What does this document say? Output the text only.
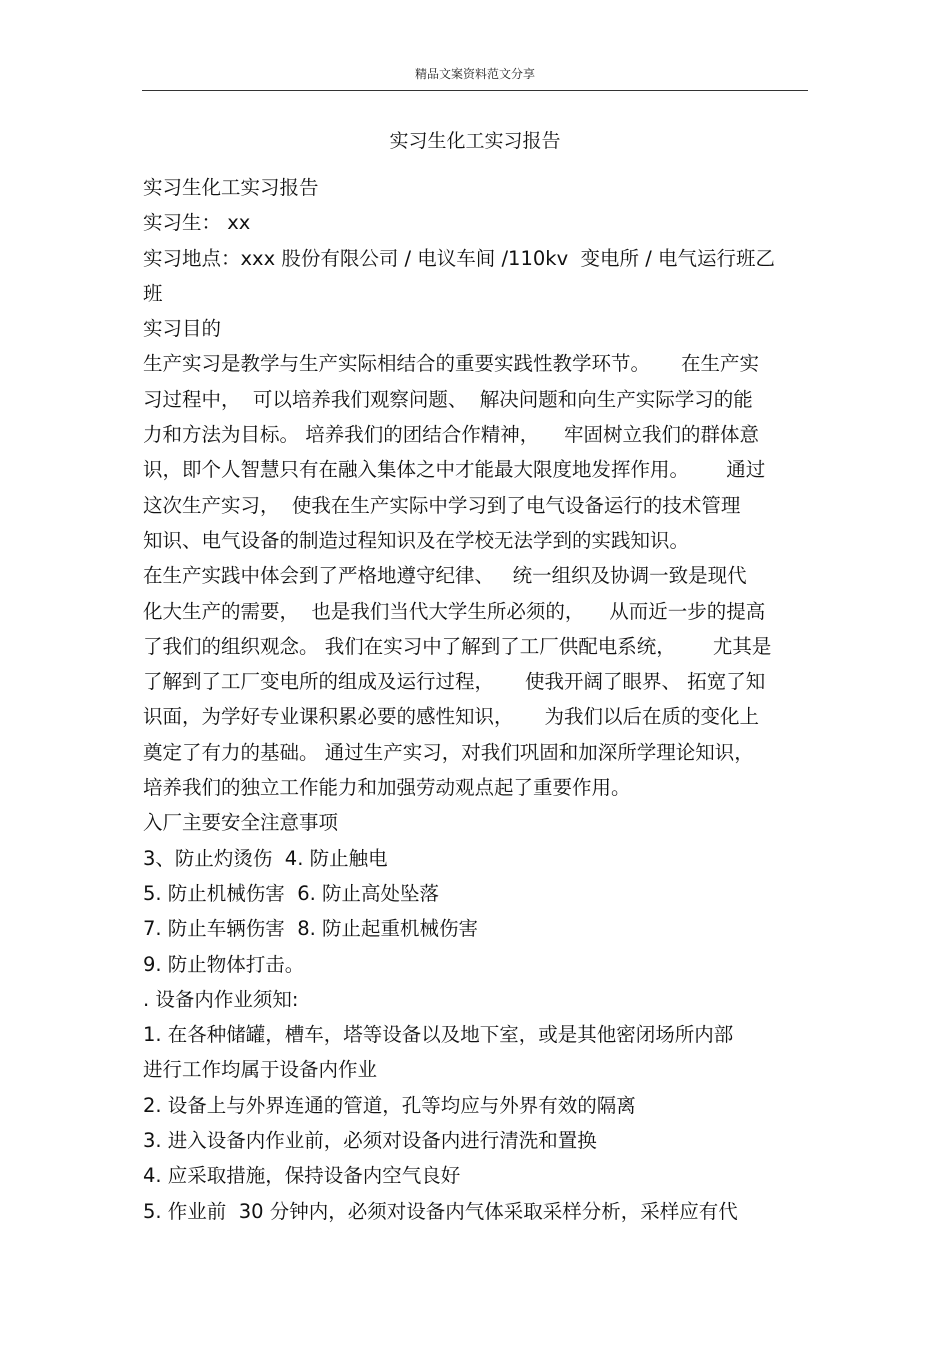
精品文案资料范文分享
实习生化工实习报告
实习生化工实习报告
实习生： xx
实习地点：xxx 股份有限公司 / 电议车间 /110kv  变电所 / 电气运行班乙
班
实习目的
生产实习是教学与生产实际相结合的重要实践性教学环节。     在生产实
习过程中，  可以培养我们观察问题、  解决问题和向生产实际学习的能
力和方法为目标。 培养我们的团结合作精神，    牢固树立我们的群体意
识，即个人智慧只有在融入集体之中才能最大限度地发挥作用。      通过
这次生产实习，  使我在生产实际中学习到了电气设备运行的技术管理
知识、电气设备的制造过程知识及在学校无法学到的实践知识。
在生产实践中体会到了严格地遵守纪律、   统一组织及协调一致是现代
化大生产的需要，  也是我们当代大学生所必须的，    从而近一步的提高
了我们的组织观念。 我们在实习中了解到了工厂供配电系统，      尤其是
了解到了工厂变电所的组成及运行过程，     使我开阔了眼界、 拓宽了知
识面，为学好专业课积累必要的感性知识，     为我们以后在质的变化上
奠定了有力的基础。 通过生产实习，对我们巩固和加深所学理论知识，
培养我们的独立工作能力和加强劳动观点起了重要作用。
入厂主要安全注意事项
3、防止灼烫伤  4. 防止触电
5. 防止机械伤害  6. 防止高处坠落
7. 防止车辆伤害  8. 防止起重机械伤害
9. 防止物体打击。
. 设备内作业须知:
1. 在各种储罐，槽车，塔等设备以及地下室，或是其他密闭场所内部
进行工作均属于设备内作业
2. 设备上与外界连通的管道，孔等均应与外界有效的隔离
3. 进入设备内作业前，必须对设备内进行清洗和置换
4. 应采取措施，保持设备内空气良好
5. 作业前  30 分钟内，必须对设备内气体采取采样分析，采样应有代
